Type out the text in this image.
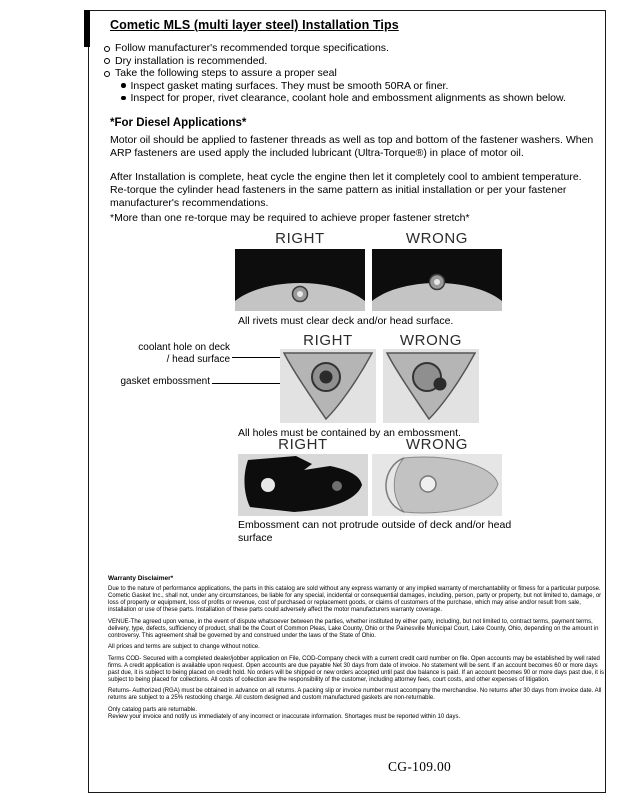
Cometic MLS (multi layer steel) Installation Tips
Follow manufacturer's recommended torque specifications.
Dry installation is recommended.
Take the following steps to assure a proper seal
Inspect gasket mating surfaces. They must be smooth 50RA or finer.
Inspect for proper, rivet clearance, coolant hole and embossment alignments as shown below.
*For Diesel Applications*

Motor oil should be applied to fastener threads as well as top and bottom of the fastener washers. When ARP fasteners are used apply the included lubricant (Ultra-Torque®) in place of motor oil.

After Installation is complete, heat cycle the engine then let it completely cool to ambient temperature. Re-torque the cylinder head fasteners in the same pattern as initial installation or per your fastener manufacturer's recommendations.

*More than one re-torque may be required to achieve proper fastener stretch*
RIGHT	WRONG
All rivets must clear deck and/or head surface.
RIGHT	WRONG
coolant hole on deck / head surface
gasket embossment
All holes must be contained by an embossment.
RIGHT	WRONG
Embossment can not protrude outside of deck and/or head surface

Warranty Disclaimer*

Due to the nature of performance applications, the parts in this catalog are sold without any express warranty or any implied warranty of merchantability or fitness for a particular purpose. Cometic Gasket Inc., shall not, under any circumstances, be liable for any special, incidental or consequential damages, including, person, party or property, but not limited to, damage, or loss of property or equipment, loss of profits or revenue, cost of purchased or replacement goods, or claims of customers of the purchase, which may arise and/or result from sale, installation or use of these parts. Installation of these parts could adversely affect the motor manufacturers warranty coverage.

VENUE-The agreed upon venue, in the event of dispute whatsoever between the parties, whether instituted by either party, including, but not limited to, contract terms, payment terms, delivery, type, defects, sufficiency of product, shall be the Court of Common Pleas, Lake County, Ohio or the Painesville Municipal Court, Lake County, Ohio, depending on the amount in controversy. This agreement shall be governed by and construed under the laws of the State of Ohio.

All prices and terms are subject to change without notice.

Terms COD- Secured with a completed dealer/jobber application on File, COD-Company check with a current credit card number on file. Open accounts may be established by well rated firms. A credit application is available upon request. Open accounts are due payable Net 30 days from date of invoice. No statement will be sent. If an account becomes 60 or more days past due, it is subject to being placed on credit hold. No orders will be shipped or new orders accepted until past due balance is paid. If an account becomes 90 or more days past due, it is subject to being placed for collections. All costs of collection are the responsibility of the customer, including attorney fees, court costs, and other expenses of litigation.

Returns- Authorized (RGA) must be obtained in advance on all returns. A packing slip or invoice number must accompany the merchandise. No returns after 30 days from invoice date. All returns are subject to a 25% restocking charge. All custom designed and custom manufactured gaskets are non-returnable.

Only catalog parts are returnable.

Review your invoice and notify us immediately of any incorrect or inaccurate information. Shortages must be reported within 10 days.

CG-109.00
